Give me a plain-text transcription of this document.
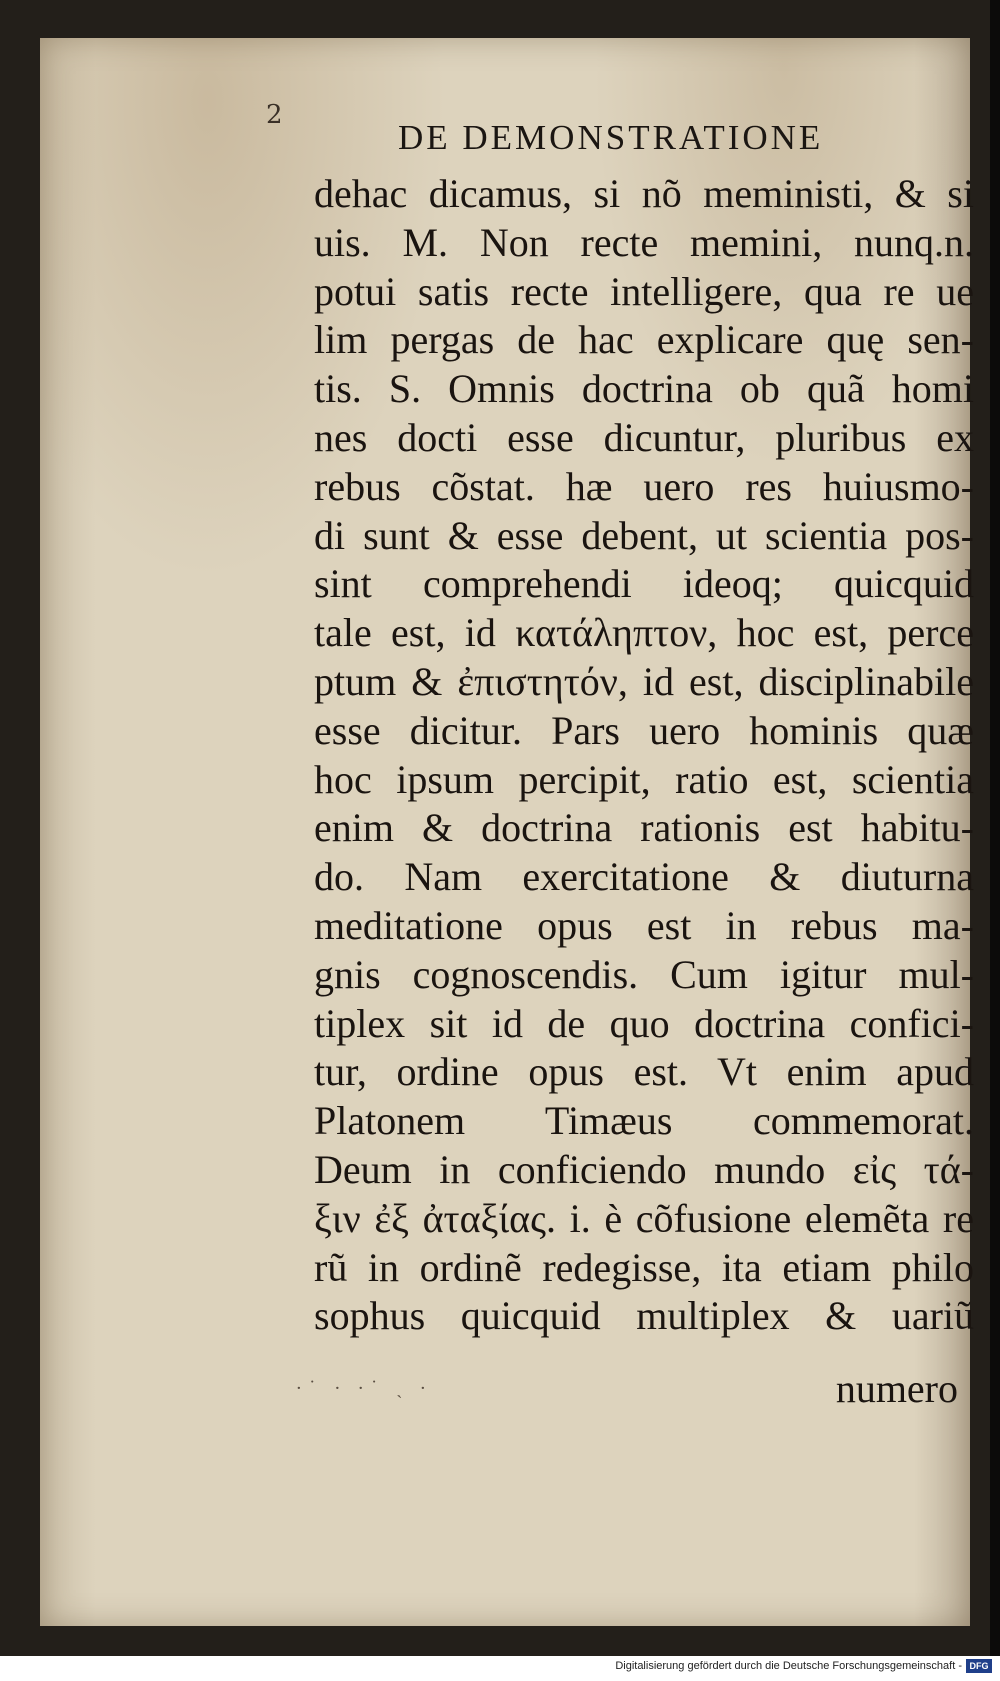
2
DE DEMONSTRATIONE
dehac dicamus, si nõ meministi, & si
uis. M. Non recte memini, nunq.n.
potui satis recte intelligere, qua re ue
lim pergas de hac explicare quę sen-
tis. S. Omnis doctrina ob quã homi
nes docti esse dicuntur, pluribus ex
rebus cõstat. hæ uero res huiusmo-
di sunt & esse debent, ut scientia pos-
sint comprehendi ideoq; quicquid
tale est, id κατάληπτον, hoc est, perce
ptum & ἐπιστητόν, id est, disciplinabile
esse dicitur. Pars uero hominis quæ
hoc ipsum percipit, ratio est, scientia
enim & doctrina rationis est habitu-
do. Nam exercitatione & diuturna
meditatione opus est in rebus ma-
gnis cognoscendis. Cum igitur mul-
tiplex sit id de quo doctrina confici-
tur, ordine opus est. Vt enim apud
Platonem Timæus commemorat.
Deum in conficiendo mundo εἰς τά-
ξιν ἐξ ἀταξίας. i. è cõfusione elemẽta re
rũ in ordinẽ redegisse, ita etiam philo
sophus quicquid multiplex & uariũ
·˙ · ·˙ ˎ ·	numero
Digitalisierung gefördert durch die Deutsche Forschungsgemeinschaft - DFG
